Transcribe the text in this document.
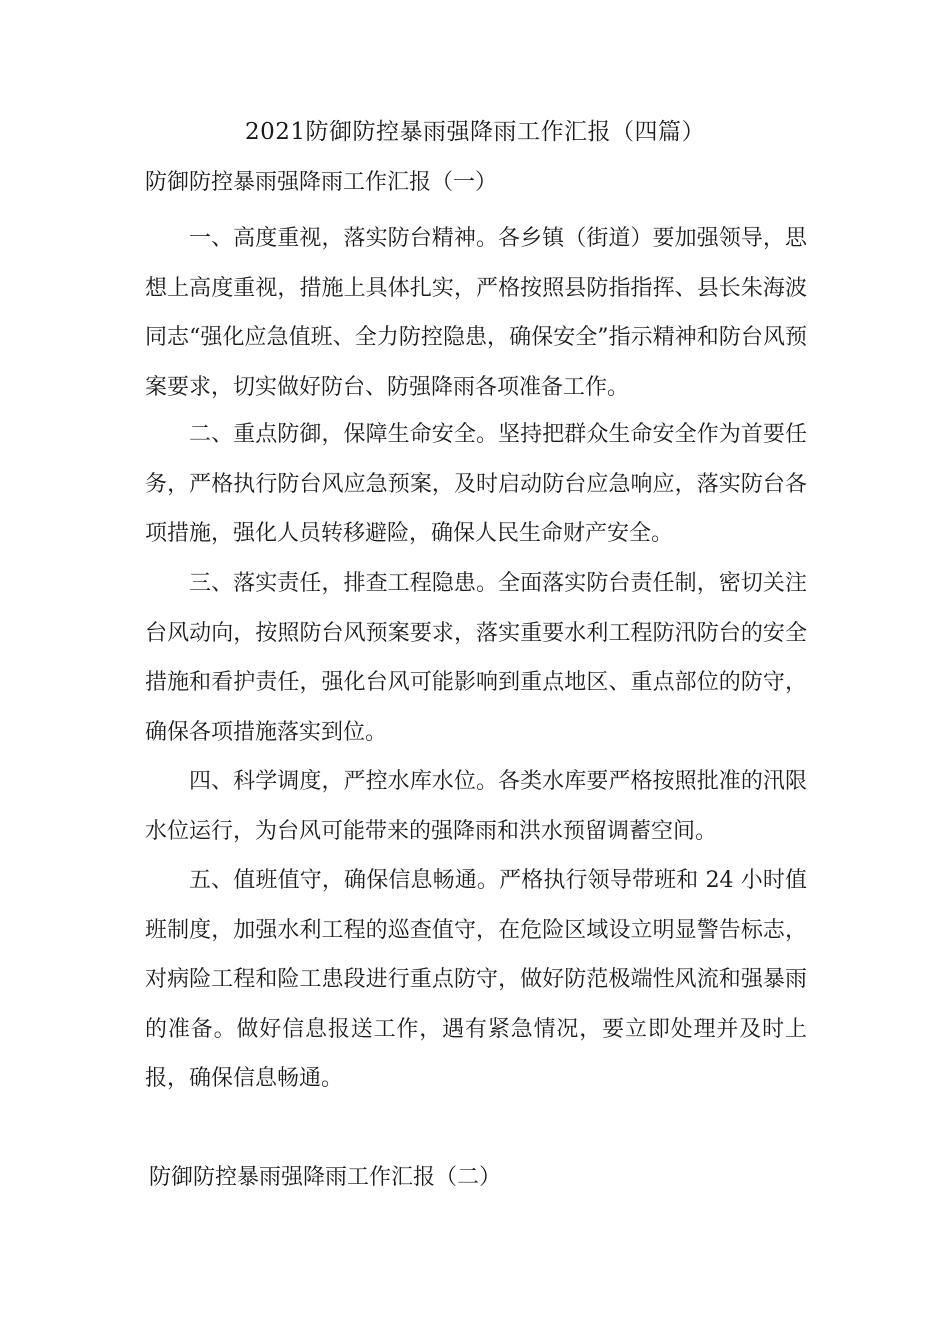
2021防御防控暴雨强降雨工作汇报（四篇）
防御防控暴雨强降雨工作汇报（一）

一、高度重视，落实防台精神。各乡镇（街道）要加强领导，思想上高度重视，措施上具体扎实，严格按照县防指指挥、县长朱海波同志“强化应急值班、全力防控隐患，确保安全”指示精神和防台风预案要求，切实做好防台、防强降雨各项准备工作。

二、重点防御，保障生命安全。坚持把群众生命安全作为首要任务，严格执行防台风应急预案，及时启动防台应急响应，落实防台各项措施，强化人员转移避险，确保人民生命财产安全。

三、落实责任，排查工程隐患。全面落实防台责任制，密切关注台风动向，按照防台风预案要求，落实重要水利工程防汛防台的安全措施和看护责任，强化台风可能影响到重点地区、重点部位的防守，确保各项措施落实到位。

四、科学调度，严控水库水位。各类水库要严格按照批准的汛限水位运行，为台风可能带来的强降雨和洪水预留调蓄空间。

五、值班值守，确保信息畅通。严格执行领导带班和 24 小时值班制度，加强水利工程的巡查值守，在危险区域设立明显警告标志，对病险工程和险工患段进行重点防守，做好防范极端性风流和强暴雨的准备。做好信息报送工作，遇有紧急情况，要立即处理并及时上报，确保信息畅通。

防御防控暴雨强降雨工作汇报（二）
